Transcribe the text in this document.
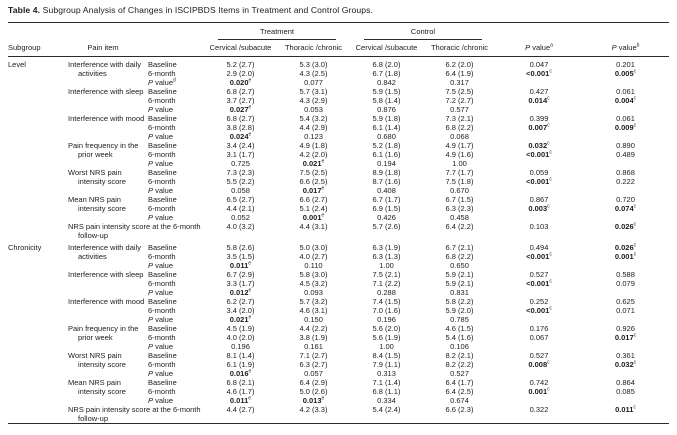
Table 4. Subgroup Analysis of Changes in ISCIPBDS Items in Treatment and Control Groups.

			Treatment		Control			

Subgroup	Pain item		Cervical /subacute	Thoracic /chronic	Cervical /subacute	Thoracic /chronic	P value$^a$	P value$^b$
Level	Interference with daily activities	Baseline	5.2 (2.7)	5.3 (3.0)	6.8 (2.0)	6.2 (2.0)	0.047	0.201
		6-month	2.9 (2.0)	4.3 (2.5)	6.7 (1.8)	6.4 (1.9)	<0.001$^c$	0.005$^c$
		P value$^d$	0.020e	0.077	0.842	0.317		
	Interference with sleep	Baseline	6.8 (2.7)	5.7 (3.1)	5.9 (1.5)	7.5 (2.5)	0.427	0.061
		6-month	3.7 (2.7)	4.3 (2.9)	5.8 (1.4)	7.2 (2.7)	0.014$^c$	0.004$^c$
		P value	0.027e	0.053	0.876	0.577		
	Interference with mood	Baseline	6.8 (2.7)	5.4 (3.2)	5.9 (1.8)	7.3 (2.1)	0.399	0.061
		6-month	3.8 (2.8)	4.4 (2.9)	6.1 (1.4)	6.8 (2.2)	0.007$^c$	0.009$^c$
		P value	0.024e	0.123	0.680	0.068		
	Pain frequency in the prior week	Baseline	3.4 (2.4)	4.9 (1.8)	5.2 (1.8)	4.9 (1.7)	0.032$^c$	0.890
		6-month	3.1 (1.7)	4.2 (2.0)	6.1 (1.6)	4.9 (1.6)	<0.001$^c$	0.489
		P value	0.725	0.021e	0.194	1.00		
	Worst NRS pain intensity score	Baseline	7.3 (2.3)	7.5 (2.5)	8.9 (1.8)	7.7 (1.7)	0.059	0.868
		6-month	5.5 (2.2)	6.6 (2.5)	8.7 (1.6)	7.5 (1.8)	<0.001$^c$	0.222
		P value	0.058	0.017e	0.408	0.670		
	Mean NRS pain intensity score	Baseline	6.5 (2.7)	6.6 (2.7)	6.7 (1.7)	6.7 (1.5)	0.867	0.720
		6-month	4.4 (2.1)	5.1 (2.4)	6.9 (1.5)	6.3 (2.3)	0.003$^c$	0.074$^c$
		P value	0.052	0.001e	0.426	0.458		
	NRS pain intensity score at the 6-month follow-up		4.0 (3.2)	4.4 (3.1)	5.7 (2.6)	6.4 (2.2)	0.103	0.026$^c$
Chronicity	Interference with daily activities	Baseline	5.8 (2.6)	5.0 (3.0)	6.3 (1.9)	6.7 (2.1)	0.494	0.026$^c$
		6-month	3.5 (1.5)	4.0 (2.7)	6.3 (1.3)	6.8 (2.2)	<0.001$^c$	0.001$^c$
		P value	0.011e	0.110	1.00	0.650		
	Interference with sleep	Baseline	6.7 (2.9)	5.8 (3.0)	7.5 (2.1)	5.9 (2.1)	0.527	0.588
		6-month	3.3 (1.7)	4.5 (3.2)	7.1 (2.2)	5.9 (2.1)	<0.001$^c$	0.079
		P value	0.012e	0.093	0.288	0.831		
	Interference with mood	Baseline	6.2 (2.7)	5.7 (3.2)	7.4 (1.5)	5.8 (2.2)	0.252	0.625
		6-month	3.4 (2.0)	4.6 (3.1)	7.0 (1.6)	5.9 (2.0)	<0.001$^c$	0.071
		P value	0.021e	0.150	0.196	0.785		
	Pain frequency in the prior week	Baseline	4.5 (1.9)	4.4 (2.2)	5.6 (2.0)	4.6 (1.5)	0.176	0.926
		6-month	4.0 (2.0)	3.8 (1.9)	5.6 (1.9)	5.4 (1.6)	0.067	0.017$^c$
		P value	0.196	0.161	1.00	0.106		
	Worst NRS pain intensity score	Baseline	8.1 (1.4)	7.1 (2.7)	8.4 (1.5)	8.2 (2.1)	0.527	0.361
		6-month	6.1 (1.9)	6.3 (2.7)	7.9 (1.1)	8.2 (2.2)	0.008$^c$	0.032$^c$
		P value	0.016e	0.057	0.313	0.527		
	Mean NRS pain intensity score	Baseline	6.8 (2.1)	6.4 (2.9)	7.1 (1.4)	6.4 (1.7)	0.742	0.864
		6-month	4.6 (1.7)	5.0 (2.6)	6.8 (1.1)	6.4 (2.5)	0.001$^c$	0.085
		P value	0.011e	0.013e	0.334	0.674		
	NRS pain intensity score at the 6-month follow-up		4.4 (2.7)	4.2 (3.3)	5.4 (2.4)	6.6 (2.3)	0.322	0.011$^c$
